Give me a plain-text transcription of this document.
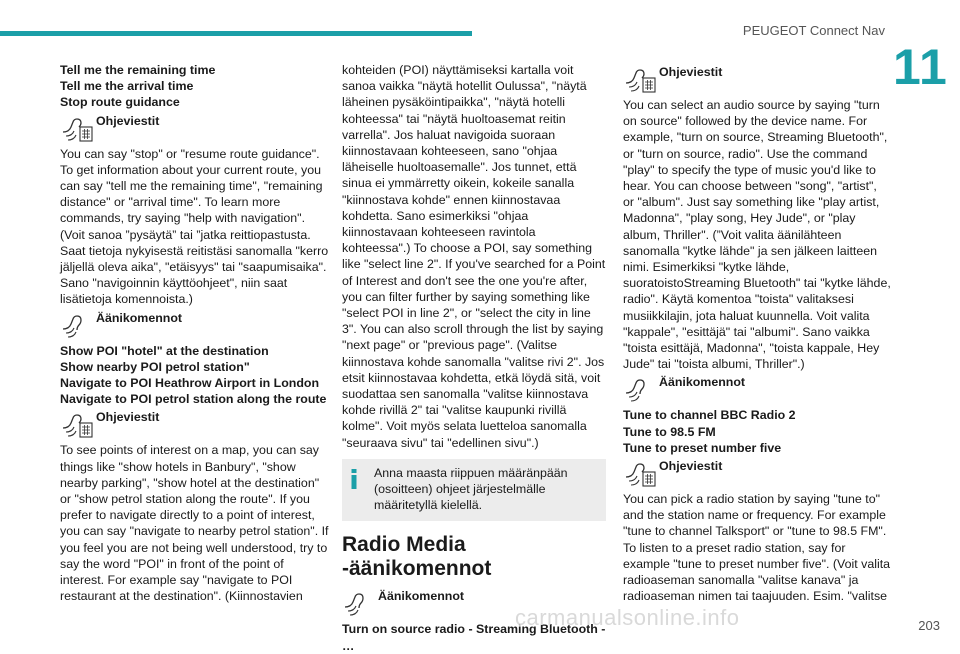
PEUGEOT Connect Nav
11
Tell me the remaining time
Tell me the arrival time
Stop route guidance
Ohjeviestit

You can say "stop" or "resume route guidance". To get information about your current route, you can say "tell me the remaining time", "remaining distance" or "arrival time". To learn more commands, try saying "help with navigation". (Voit sanoa ”pysäytä” tai ”jatka reittiopastusta. Saat tietoja nykyisestä reitistäsi sanomalla "kerro jäljellä oleva aika", "etäisyys" tai "saapumisaika". Sano "navigoinnin käyttöohjeet", niin saat lisätietoja komennoista.)

Äänikomennot
Show POI "hotel" at the destination
Show nearby POI petrol station"
Navigate to POI Heathrow Airport in London
Navigate to POI petrol station along the route
Ohjeviestit

To see points of interest on a map, you can say things like "show hotels in Banbury", "show nearby parking", "show hotel at the destination" or "show petrol station along the route". If you prefer to navigate directly to a point of interest, you can say "navigate to nearby petrol station". If you feel you are not being well understood, try to say the word "POI" in front of the point of interest. For example say "navigate to POI restaurant at the destination". (Kiinnostavien

kohteiden (POI) näyttämiseksi kartalla voit sanoa vaikka "näytä hotellit Oulussa", "näytä läheinen pysäköintipaikka", "näytä hotelli kohteessa" tai "näytä huoltoasemat reitin varrella". Jos haluat navigoida suoraan kiinnostavaan kohteeseen, sano "ohjaa läheiselle huoltoasemalle". Jos tunnet, että sinua ei ymmärretty oikein, kokeile sanalla "kiinnostava kohde" ennen kiinnostavaa kohdetta. Sano esimerkiksi "ohjaa kiinnostavaan kohteeseen ravintola kohteessa".) To choose a POI, say something like "select line 2". If you've searched for a Point of Interest and don't see the one you're after, you can filter further by saying something like "select POI in line 2", or "select the city in line 3". You can also scroll through the list by saying "next page" or "previous page". (Valitse kiinnostava kohde sanomalla "valitse rivi 2". Jos etsit kiinnostavaa kohdetta, etkä löydä sitä, voit suodattaa sen sanomalla "valitse kiinnostava kohde rivillä 2" tai "valitse kaupunki rivillä kolme". Voit myös selata luetteloa sanomalla "seuraava sivu" tai "edellinen sivu".)

Anna maasta riippuen määränpään (osoitteen) ohjeet järjestelmälle määritetyllä kielellä.

Radio Media -äänikomennot
Äänikomennot
Turn on source radio - Streaming Bluetooth - …
Ohjeviestit

You can select an audio source by saying "turn on source" followed by the device name. For example, "turn on source, Streaming Bluetooth", or "turn on source, radio". Use the command "play" to specify the type of music you'd like to hear. You can choose between "song", "artist", or "album". Just say something like "play artist, Madonna", "play song, Hey Jude", or "play album, Thriller". (”Voit valita äänilähteen sanomalla "kytke lähde" ja sen jälkeen laitteen nimi. Esimerkiksi "kytke lähde, suoratoistoStreaming Bluetooth" tai "kytke lähde, radio". Käytä komentoa "toista" valitaksesi musiikkilajin, jota haluat kuunnella. Voit valita "kappale", "esittäjä" tai "albumi". Sano vaikka "toista esittäjä, Madonna", "toista kappale, Hey Jude" tai "toista albumi, Thriller".)

Äänikomennot
Tune to channel BBC Radio 2
Tune to 98.5 FM
Tune to preset number five
Ohjeviestit

You can pick a radio station by saying "tune to" and the station name or frequency. For example "tune to channel Talksport" or "tune to 98.5 FM". To listen to a preset radio station, say for example "tune to preset number five". (Voit valita radioaseman sanomalla "valitse kanava" ja radioaseman nimen tai taajuuden. Esim. "valitse

carmanualsonline.info	203
